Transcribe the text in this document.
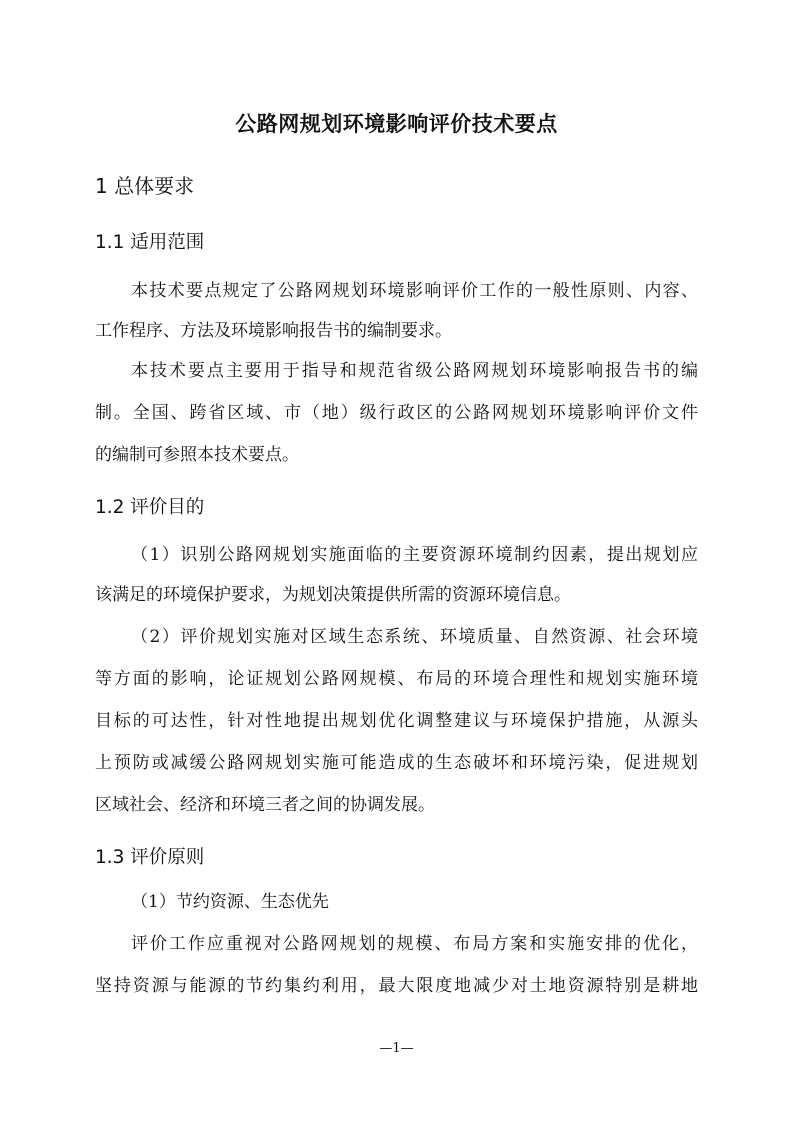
公路网规划环境影响评价技术要点
1 总体要求
1.1 适用范围
本技术要点规定了公路网规划环境影响评价工作的一般性原则、内容、
工作程序、方法及环境影响报告书的编制要求。
本技术要点主要用于指导和规范省级公路网规划环境影响报告书的编
制。全国、跨省区域、市（地）级行政区的公路网规划环境影响评价文件
的编制可参照本技术要点。
1.2 评价目的
（1）识别公路网规划实施面临的主要资源环境制约因素，提出规划应
该满足的环境保护要求，为规划决策提供所需的资源环境信息。
（2）评价规划实施对区域生态系统、环境质量、自然资源、社会环境
等方面的影响，论证规划公路网规模、布局的环境合理性和规划实施环境
目标的可达性，针对性地提出规划优化调整建议与环境保护措施，从源头
上预防或减缓公路网规划实施可能造成的生态破坏和环境污染，促进规划
区域社会、经济和环境三者之间的协调发展。
1.3 评价原则
（1）节约资源、生态优先
评价工作应重视对公路网规划的规模、布局方案和实施安排的优化，
坚持资源与能源的节约集约利用，最大限度地减少对土地资源特别是耕地
—1—
